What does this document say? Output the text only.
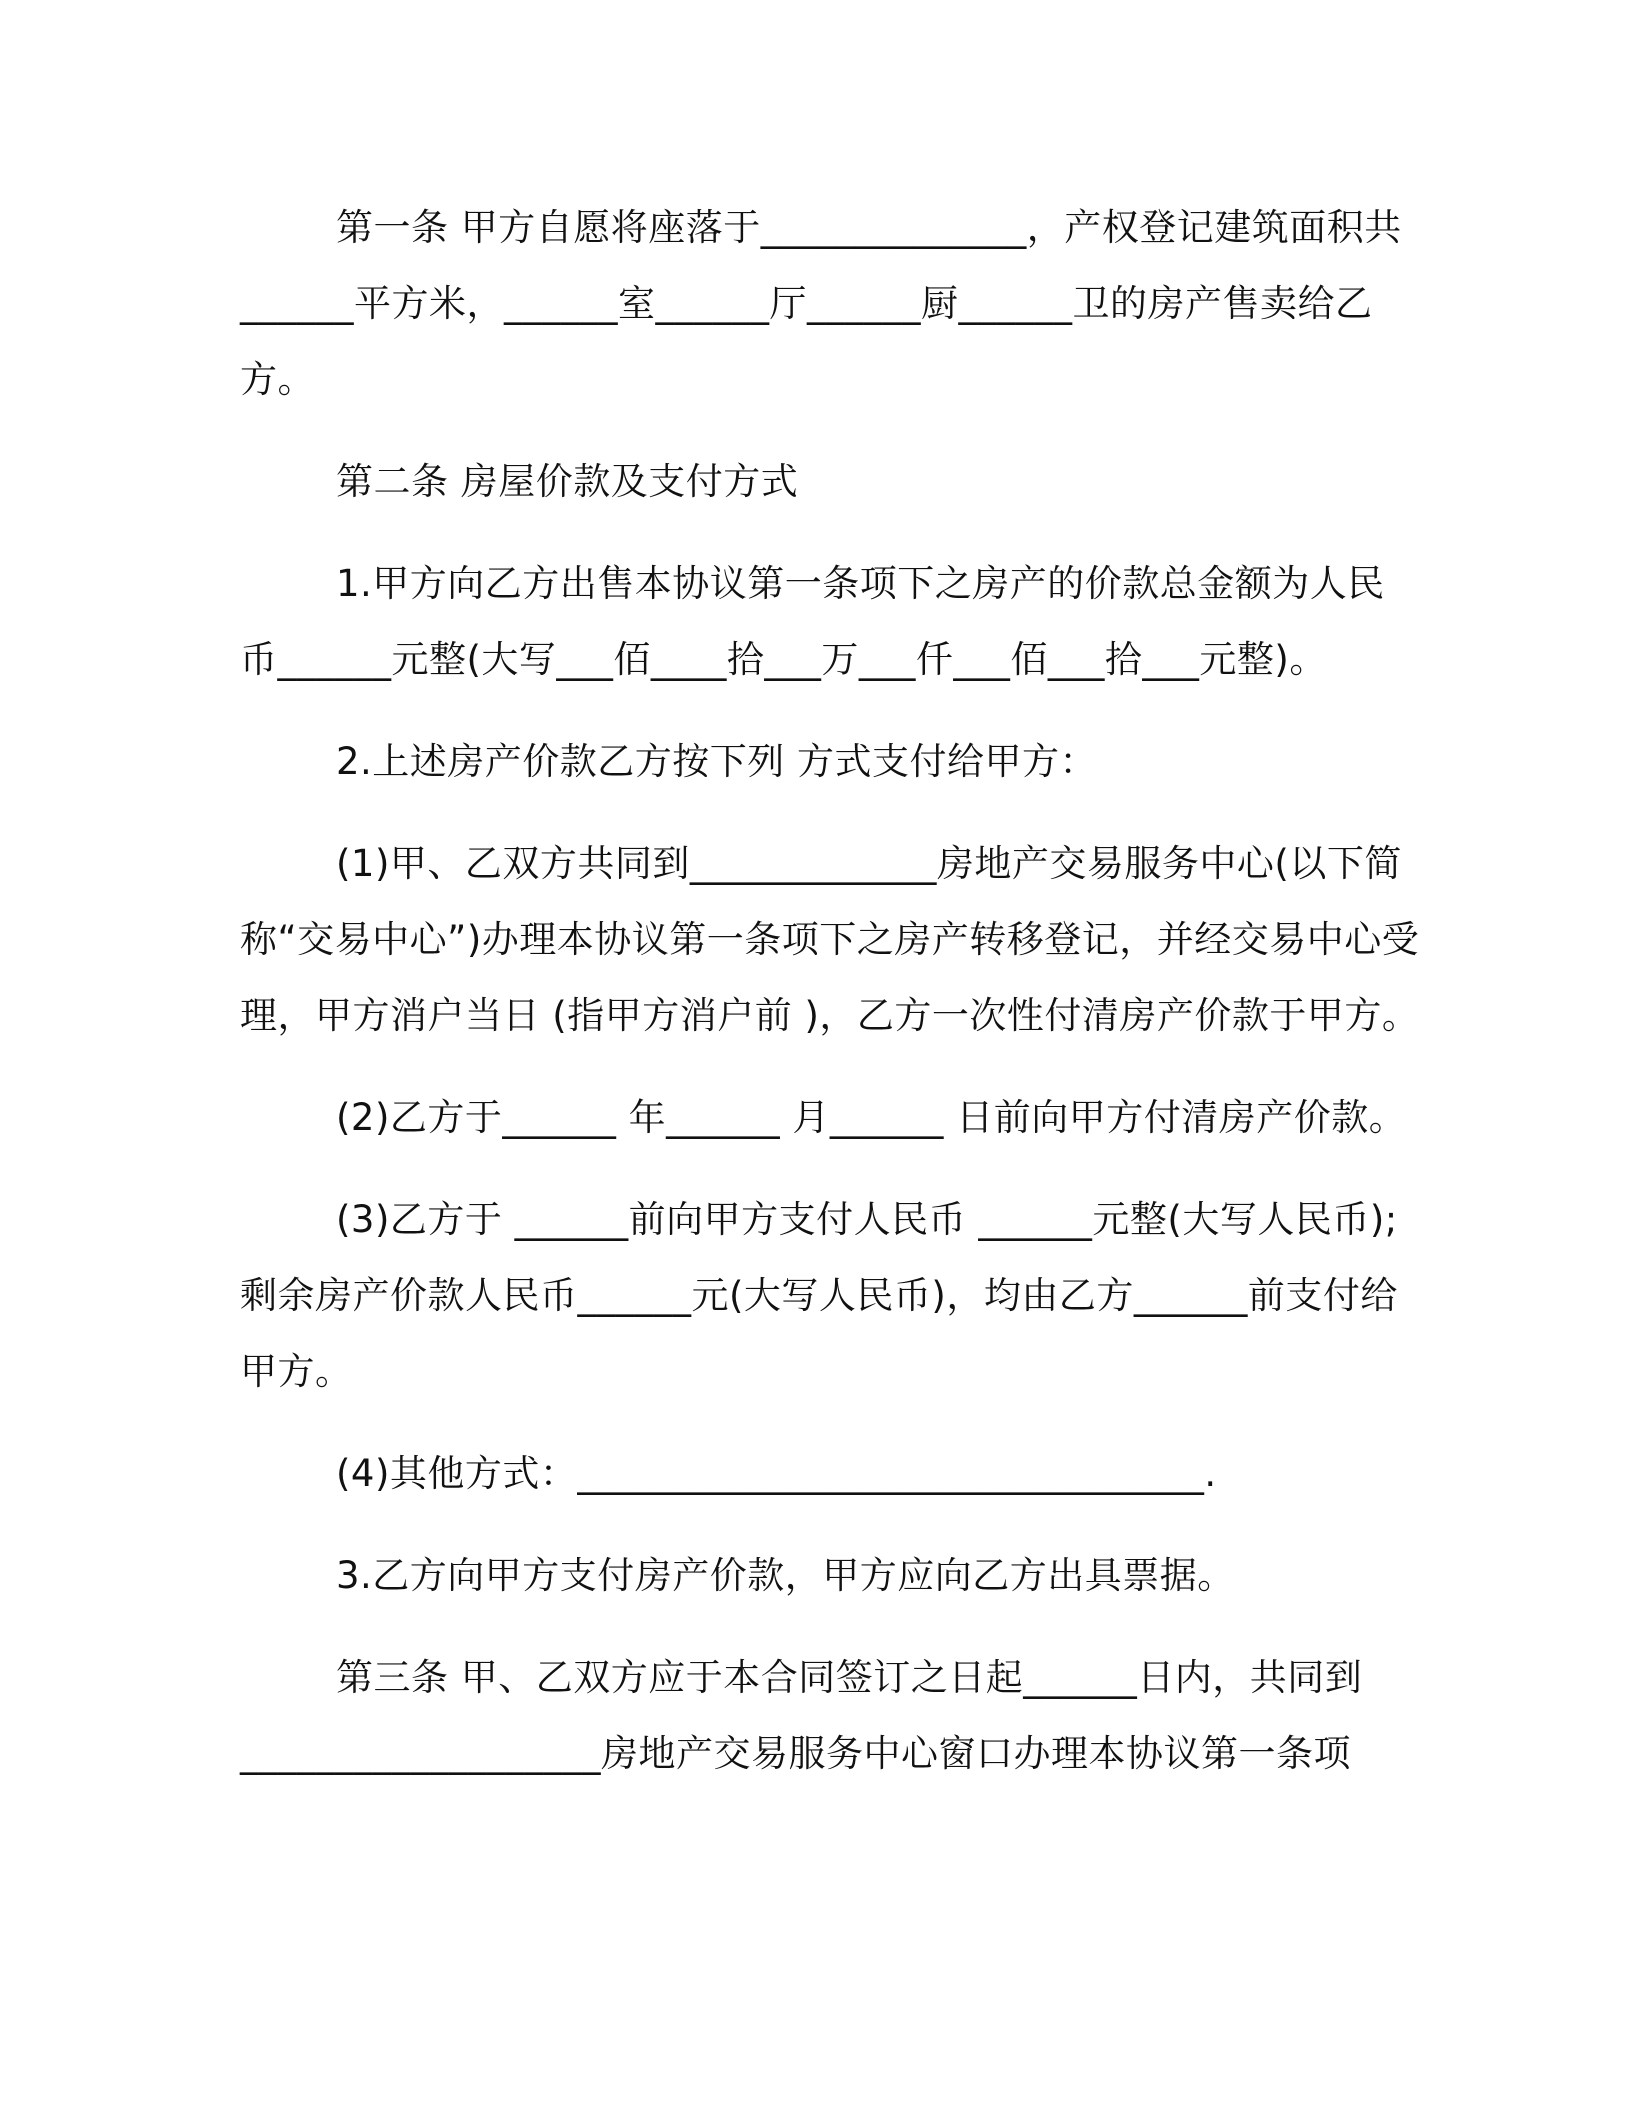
第一条 甲方自愿将座落于______________，产权登记建筑面积共______平方米，______室______厅______厨______卫的房产售卖给乙方。

第二条 房屋价款及支付方式

1.甲方向乙方出售本协议第一条项下之房产的价款总金额为人民币______元整(大写___佰____拾___万___仟___佰___拾___元整)。

2.上述房产价款乙方按下列 方式支付给甲方：

(1)甲、乙双方共同到_____________房地产交易服务中心(以下简称“交易中心”)办理本协议第一条项下之房产转移登记，并经交易中心受理，甲方消户当日 (指甲方消户前 )，乙方一次性付清房产价款于甲方。

(2)乙方于______ 年______ 月______ 日前向甲方付清房产价款。

(3)乙方于 ______前向甲方支付人民币 ______元整(大写人民币);剩余房产价款人民币______元(大写人民币)，均由乙方______前支付给甲方。

(4)其他方式：_________________________________.

3.乙方向甲方支付房产价款，甲方应向乙方出具票据。

第三条 甲、乙双方应于本合同签订之日起______日内，共同到___________________房地产交易服务中心窗口办理本协议第一条项
